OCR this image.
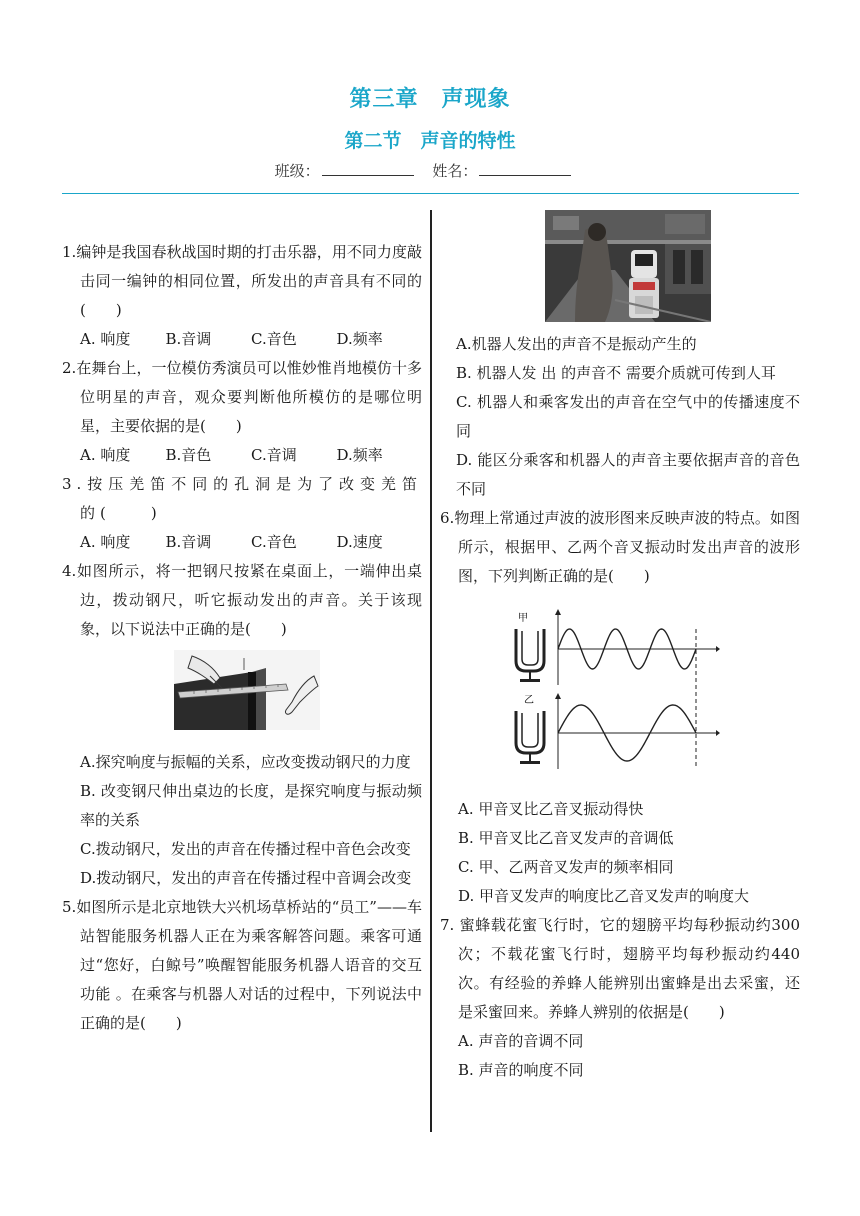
第三章　声现象
第二节　声音的特性
班级：	姓名：
1.编钟是我国春秋战国时期的打击乐器，用不同力度敲击同一编钟的相同位置，所发出的声音具有不同的(　　)
A. 响度	B.音调	C.音色	D.频率
2.在舞台上，一位模仿秀演员可以惟妙惟肖地模仿十多位明星的声音，观众要判断他所模仿的是哪位明星，主要依据的是(　　)
A. 响度	B.音色	C.音调	D.频率
3.按压羌笛不同的孔洞是为了改变羌笛的(　　)
A. 响度	B.音调	C.音色	D.速度
4.如图所示，将一把钢尺按紧在桌面上，一端伸出桌边，拨动钢尺，听它振动发出的声音。关于该现象，以下说法中正确的是(　　)
A.探究响度与振幅的关系，应改变拨动钢尺的力度
B. 改变钢尺伸出桌边的长度，是探究响度与振动频率的关系
C.拨动钢尺，发出的声音在传播过程中音色会改变
D.拨动钢尺，发出的声音在传播过程中音调会改变
5.如图所示是北京地铁大兴机场草桥站的“员工”——车站智能服务机器人正在为乘客解答问题。乘客可通过“您好，白鲸号”唤醒智能服务机器人语音的交互功能 。在乘客与机器人对话的过程中，下列说法中正确的是(　　)
A.机器人发出的声音不是振动产生的
B. 机器人发 出 的声音不 需要介质就可传到人耳
C. 机器人和乘客发出的声音在空气中的传播速度不同
D. 能区分乘客和机器人的声音主要依据声音的音色不同
6.物理上常通过声波的波形图来反映声波的特点。如图所示，根据甲、乙两个音叉振动时发出声音的波形图，下列判断正确的是(　　)
甲
乙
A. 甲音叉比乙音叉振动得快
B. 甲音叉比乙音叉发声的音调低
C. 甲、乙两音叉发声的频率相同
D. 甲音叉发声的响度比乙音叉发声的响度大
7. 蜜蜂载花蜜飞行时，它的翅膀平均每秒振动约300次；不载花蜜飞行时，翅膀平均每秒振动约440次。有经验的养蜂人能辨别出蜜蜂是出去采蜜，还是采蜜回来。养蜂人辨别的依据是(　　)
A. 声音的音调不同
B. 声音的响度不同
